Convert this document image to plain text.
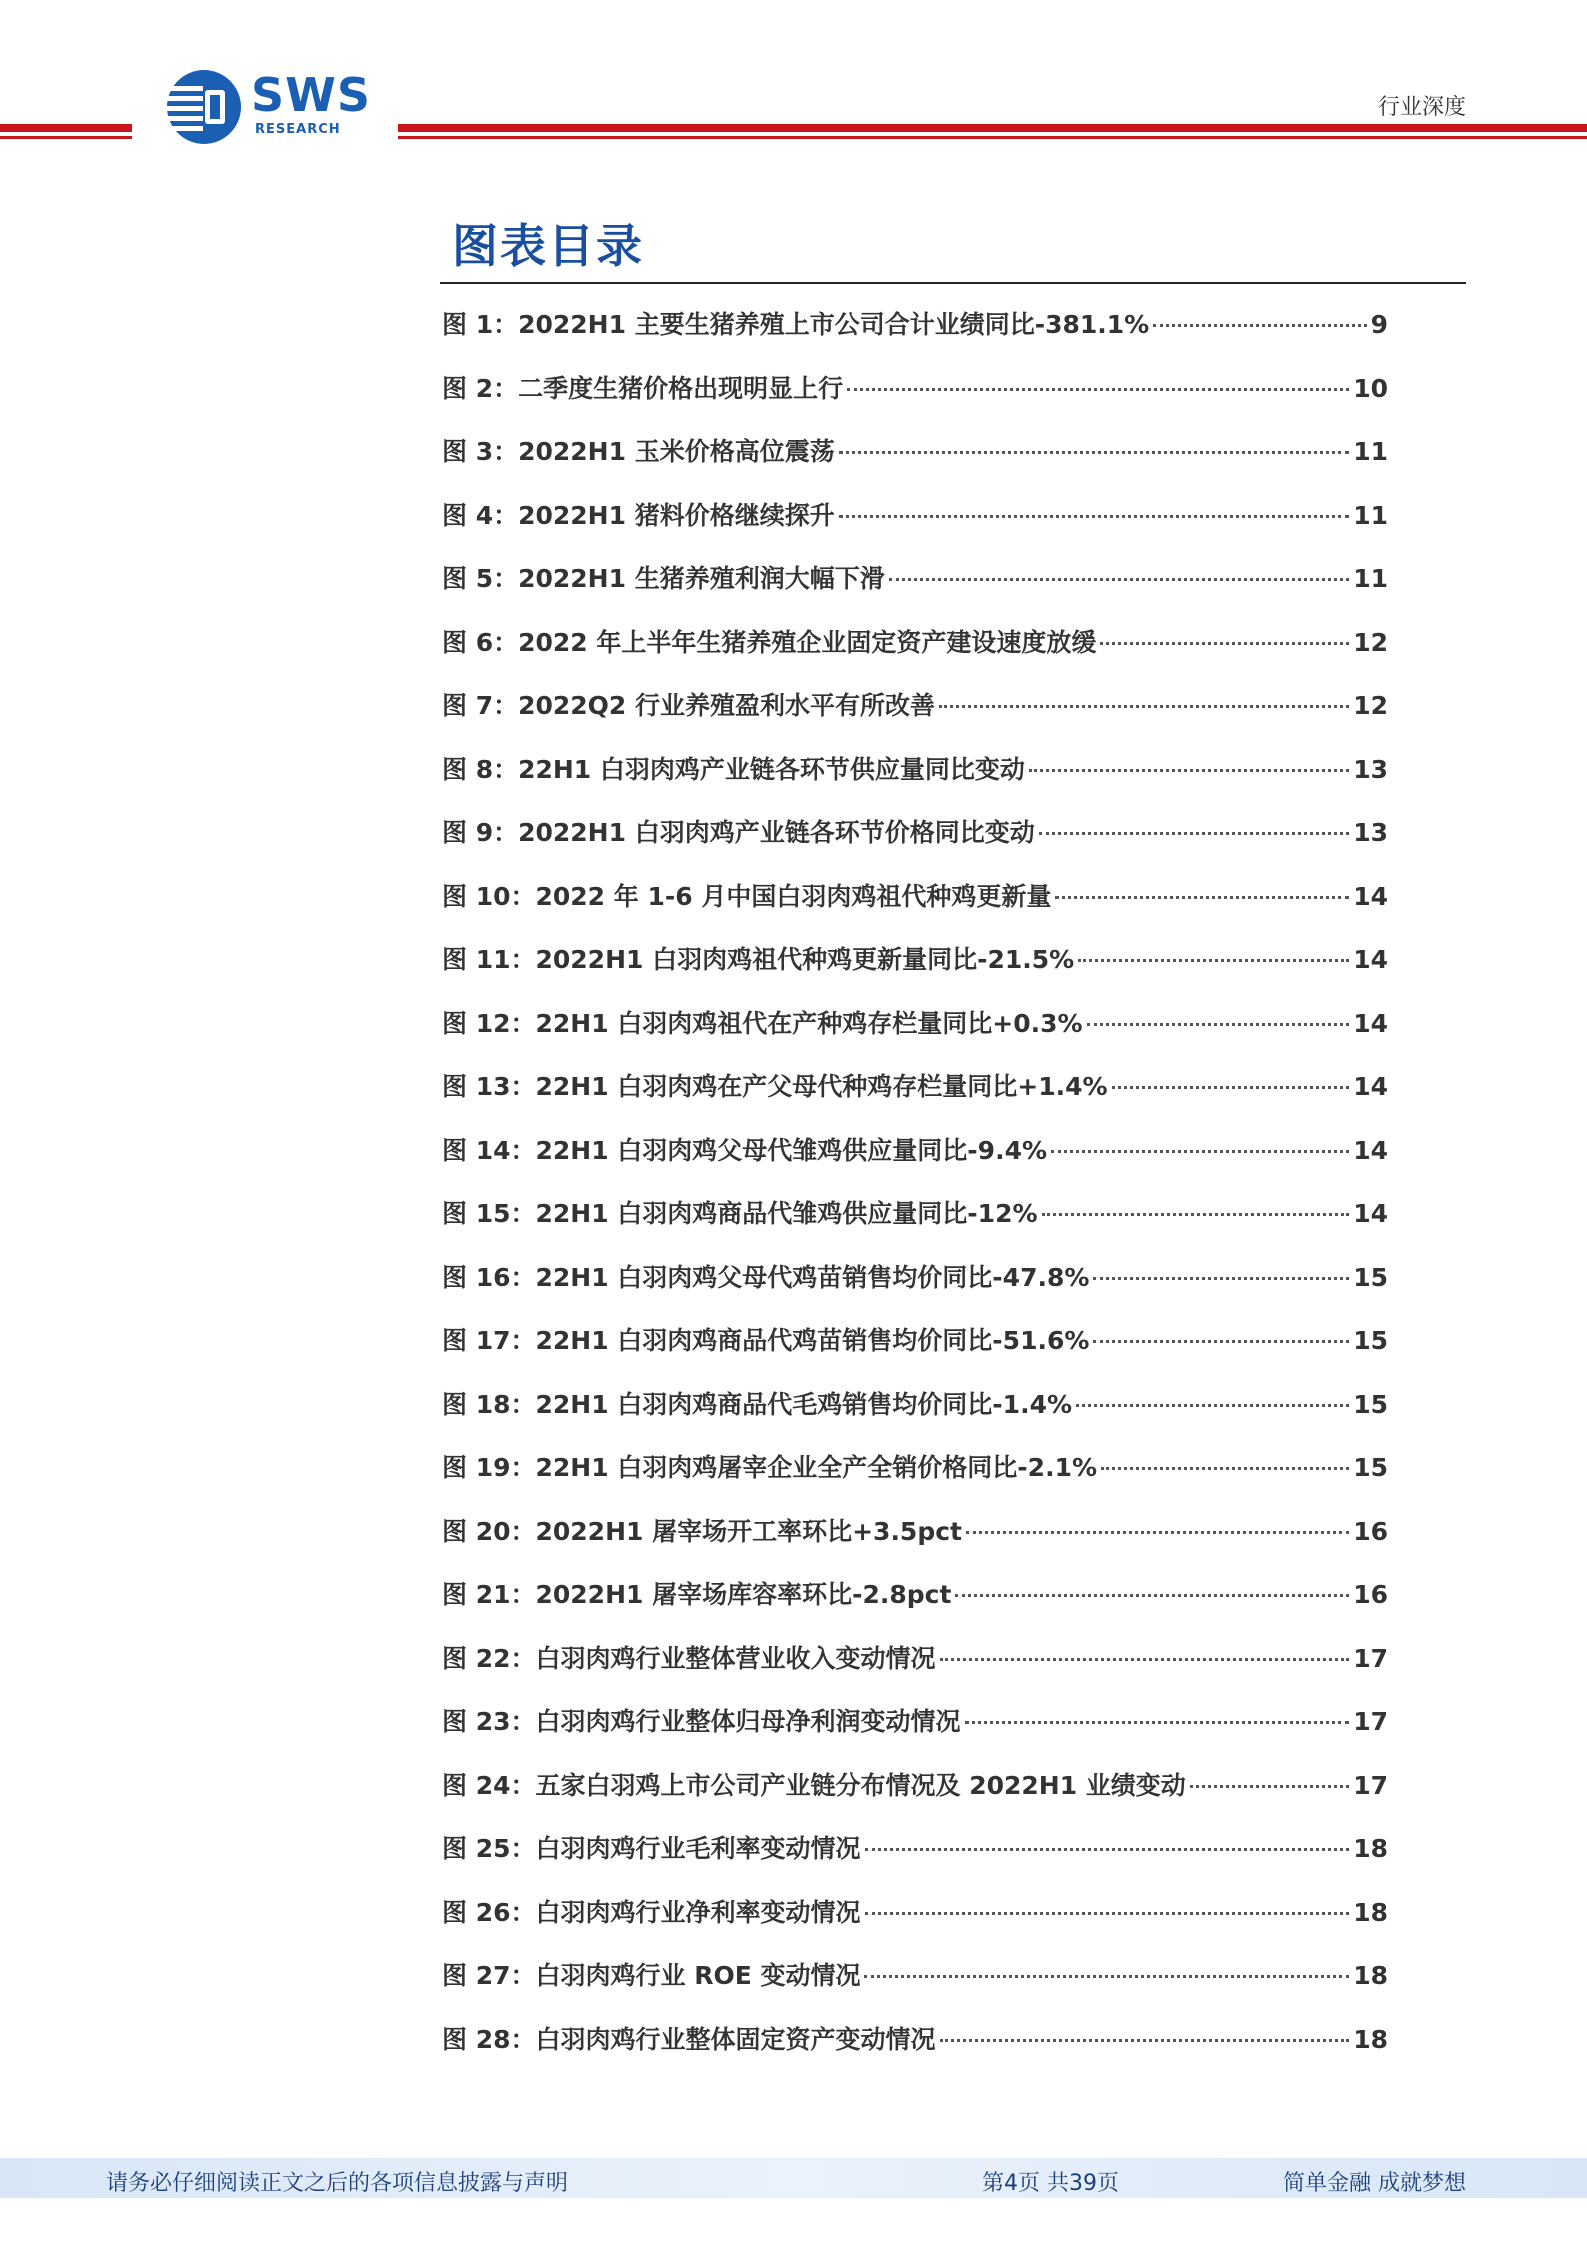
SWS
RESEARCH
行业深度
图表目录
图 1：2022H1 主要生猪养殖上市公司合计业绩同比-381.1%	9
图 2：二季度生猪价格出现明显上行	10
图 3：2022H1 玉米价格高位震荡	11
图 4：2022H1 猪料价格继续探升	11
图 5：2022H1 生猪养殖利润大幅下滑	11
图 6：2022 年上半年生猪养殖企业固定资产建设速度放缓	12
图 7：2022Q2 行业养殖盈利水平有所改善	12
图 8：22H1 白羽肉鸡产业链各环节供应量同比变动	13
图 9：2022H1 白羽肉鸡产业链各环节价格同比变动	13
图 10：2022 年 1-6 月中国白羽肉鸡祖代种鸡更新量	14
图 11：2022H1 白羽肉鸡祖代种鸡更新量同比-21.5%	14
图 12：22H1 白羽肉鸡祖代在产种鸡存栏量同比+0.3%	14
图 13：22H1 白羽肉鸡在产父母代种鸡存栏量同比+1.4%	14
图 14：22H1 白羽肉鸡父母代雏鸡供应量同比-9.4%	14
图 15：22H1 白羽肉鸡商品代雏鸡供应量同比-12%	14
图 16：22H1 白羽肉鸡父母代鸡苗销售均价同比-47.8%	15
图 17：22H1 白羽肉鸡商品代鸡苗销售均价同比-51.6%	15
图 18：22H1 白羽肉鸡商品代毛鸡销售均价同比-1.4%	15
图 19：22H1 白羽肉鸡屠宰企业全产全销价格同比-2.1%	15
图 20：2022H1 屠宰场开工率环比+3.5pct	16
图 21：2022H1 屠宰场库容率环比-2.8pct	16
图 22：白羽肉鸡行业整体营业收入变动情况	17
图 23：白羽肉鸡行业整体归母净利润变动情况	17
图 24：五家白羽鸡上市公司产业链分布情况及 2022H1 业绩变动	17
图 25：白羽肉鸡行业毛利率变动情况	18
图 26：白羽肉鸡行业净利率变动情况	18
图 27：白羽肉鸡行业 ROE 变动情况	18
图 28：白羽肉鸡行业整体固定资产变动情况	18
请务必仔细阅读正文之后的各项信息披露与声明	第4页 共39页	简单金融 成就梦想
